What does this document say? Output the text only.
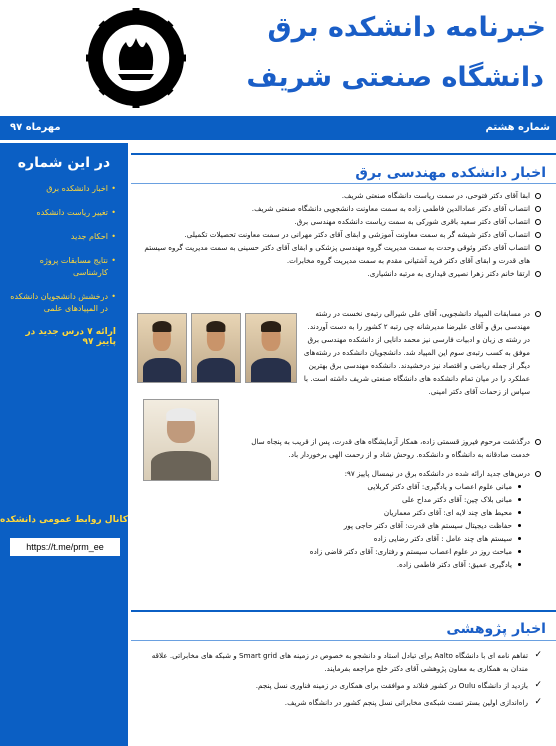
خبرنامه دانشکده برق
دانشگاه صنعتی شریف
شماره هشتم
مهرماه ۹۷
در این شماره
• اخبار دانشکده برق
• تغییر ریاست دانشکده
• احکام جدید
• نتایج مسابقات پروژه کارشناسی
• درخشش دانشجویان دانشکده در المپیادهای علمی
ارائه ۷ درس جدید در پاییز ۹۷
کانال روابط عمومی دانشکده
https://t.me/prm_ee
اخبار دانشکده مهندسی برق
ابقا آقای دکتر فتوحی، در سمت ریاست دانشگاه صنعتی شریف.
انتصاب آقای دکتر عمادالدین فاطمی زاده به سمت معاونت دانشجویی دانشگاه صنعتی شریف.
انتصاب آقای دکتر سعید باقری شورکی به سمت ریاست دانشکده مهندسی برق.
انتصاب آقای دکتر شیشه گر به سمت معاونت آموزشی و ابقای آقای دکتر مهرانی در سمت معاونت تحصیلات تکمیلی.
انتصاب آقای دکتر وثوقی وحدت به سمت مدیریت گروه مهندسی پزشکی و ابقای آقای دکتر حسینی به سمت مدیریت گروه سیستم های قدرت و ابقای آقای دکتر فرید آشتیانی مقدم به سمت مدیریت گروه مخابرات.
ارتقا خانم دکتر زهرا نصیری قیداری به مرتبه دانشیاری.
در مسابقات المپیاد دانشجویی، آقای علی شیرالی رتبه‌ی نخست در رشته مهندسی برق و آقای علیرضا مدیرشانه چی رتبه ۲ کشور را به دست آوردند. در رشته ی زبان و ادبیات فارسی نیز محمد دانایی از دانشکده مهندسی برق موفق به کسب رتبه‌ی سوم این المپیاد شد. دانشجویان دانشکده در رشته‌های دیگر از جمله ریاضی و اقتصاد نیز درخشیدند. دانشکده مهندسی برق بهترین عملکرد را در میان تمام دانشکده های دانشگاه صنعتی شریف داشته است. با سپاس از زحمات آقای دکتر امینی.
درگذشت مرحوم فیروز قسمتی زاده، همکار آزمایشگاه های قدرت، پس از قریب به پنجاه سال خدمت صادقانه به دانشگاه و دانشکده. روحش شاد و از رحمت الهی برخوردار باد.
درس‌های جدید ارائه شده در دانشکده برق در نیمسال پاییز ۹۷:
مبانی علوم اعصاب و یادگیری: آقای دکتر کربلایی
مبانی بلاک چین: آقای دکتر مداح علی
محیط های چند لایه ای: آقای دکتر معماریان
حفاظت دیجیتال سیستم های قدرت: آقای دکتر حاجی پور
سیستم های چند عامل : آقای دکتر رضایی زاده
مباحث روز در علوم اعصاب سیستم و رفتاری: آقای دکتر قاضی زاده
یادگیری عمیق: آقای دکتر فاطمی زاده.
اخبار پژوهشی
✓ تفاهم نامه ای با دانشگاه Aalto برای تبادل استاد و دانشجو به خصوص در زمینه های Smart grid و شبکه های مخابراتی. علاقه مندان به همکاری به معاون پژوهشی آقای دکتر خلج مراجعه بفرمایند.
✓ بازدید از دانشگاه Oulu در کشور فنلاند و موافقت برای همکاری در زمینه فناوری نسل پنجم.
✓ راه‌اندازی اولین بستر تست شبکه‌ی مخابراتی نسل پنجم کشور در دانشگاه شریف.
